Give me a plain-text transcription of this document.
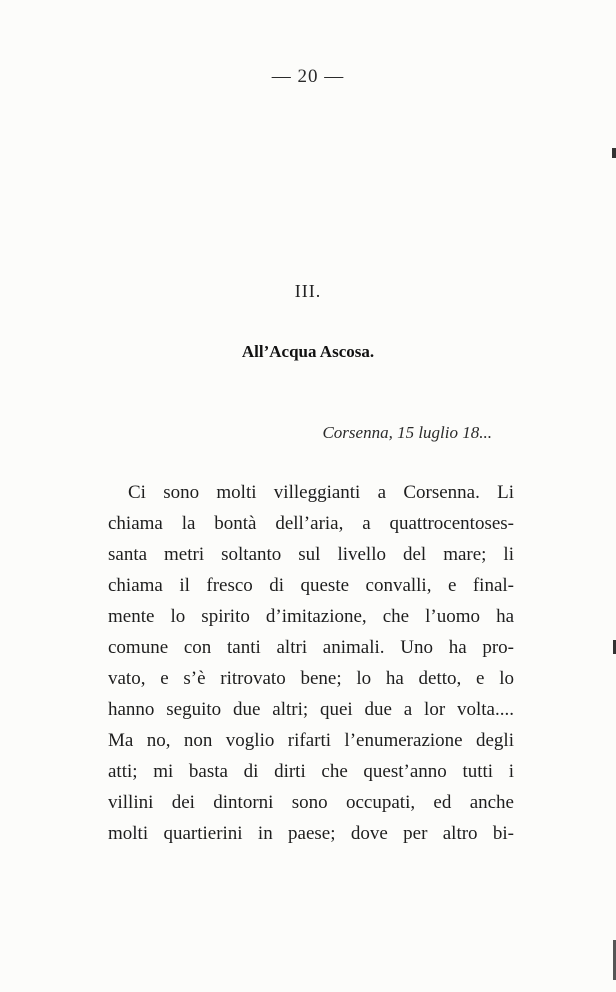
— 20 —
III.
All’Acqua Ascosa.
Corsenna, 15 luglio 18...
Ci sono molti villeggianti a Corsenna. Li
chiama la bontà dell’aria, a quattrocentoses-
santa metri soltanto sul livello del mare; li
chiama il fresco di queste convalli, e final-
mente lo spirito d’imitazione, che l’uomo ha
comune con tanti altri animali. Uno ha pro-
vato, e s’è ritrovato bene; lo ha detto, e lo
hanno seguito due altri; quei due a lor volta....
Ma no, non voglio rifarti l’enumerazione degli
atti; mi basta di dirti che quest’anno tutti i
villini dei dintorni sono occupati, ed anche
molti quartierini in paese; dove per altro bi-
